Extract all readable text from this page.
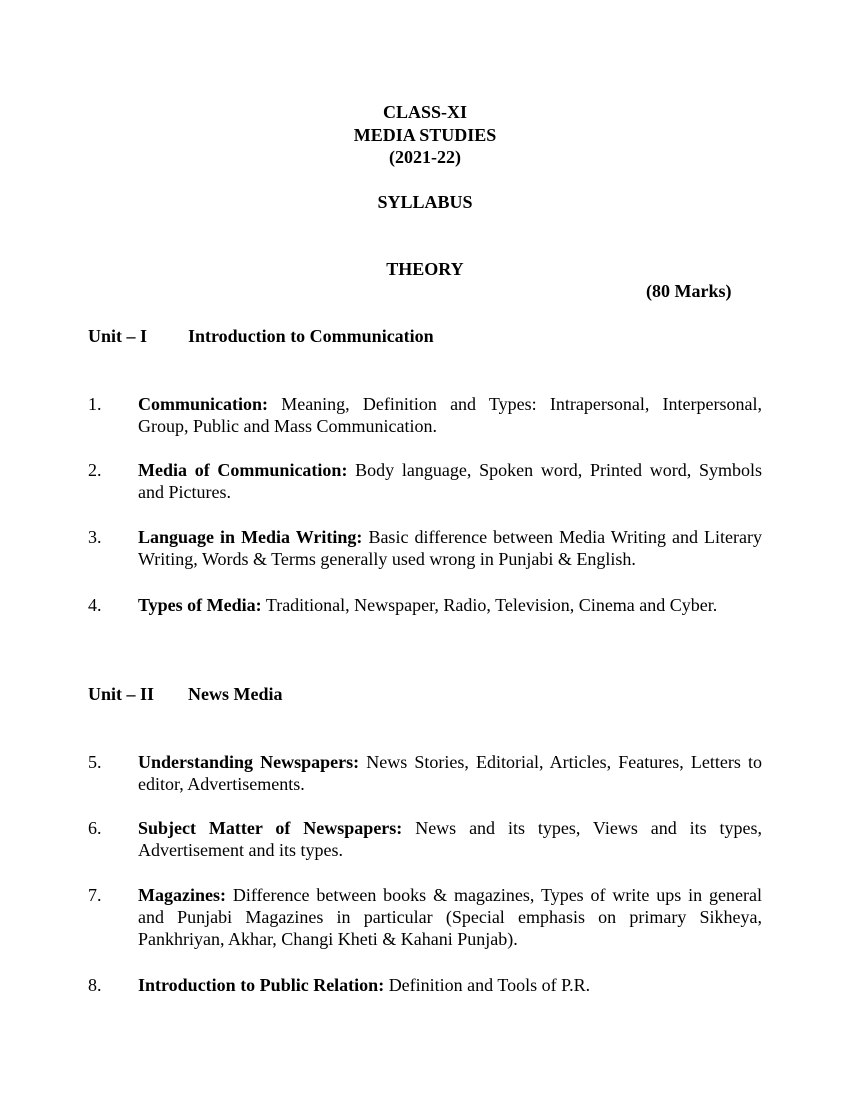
CLASS-XI
MEDIA STUDIES
(2021-22)
SYLLABUS
THEORY
(80 Marks)
Unit – I Introduction to Communication
1. Communication: Meaning, Definition and Types: Intrapersonal, Interpersonal, Group, Public and Mass Communication.
2. Media of Communication: Body language, Spoken word, Printed word, Symbols and Pictures.
3. Language in Media Writing: Basic difference between Media Writing and Literary Writing, Words & Terms generally used wrong in Punjabi & English.
4. Types of Media: Traditional, Newspaper, Radio, Television, Cinema and Cyber.
Unit – II News Media
5. Understanding Newspapers: News Stories, Editorial, Articles, Features, Letters to editor, Advertisements.
6. Subject Matter of Newspapers: News and its types, Views and its types, Advertisement and its types.
7. Magazines: Difference between books & magazines, Types of write ups in general and Punjabi Magazines in particular (Special emphasis on primary Sikheya, Pankhriyan, Akhar, Changi Kheti & Kahani Punjab).
8. Introduction to Public Relation: Definition and Tools of P.R.
